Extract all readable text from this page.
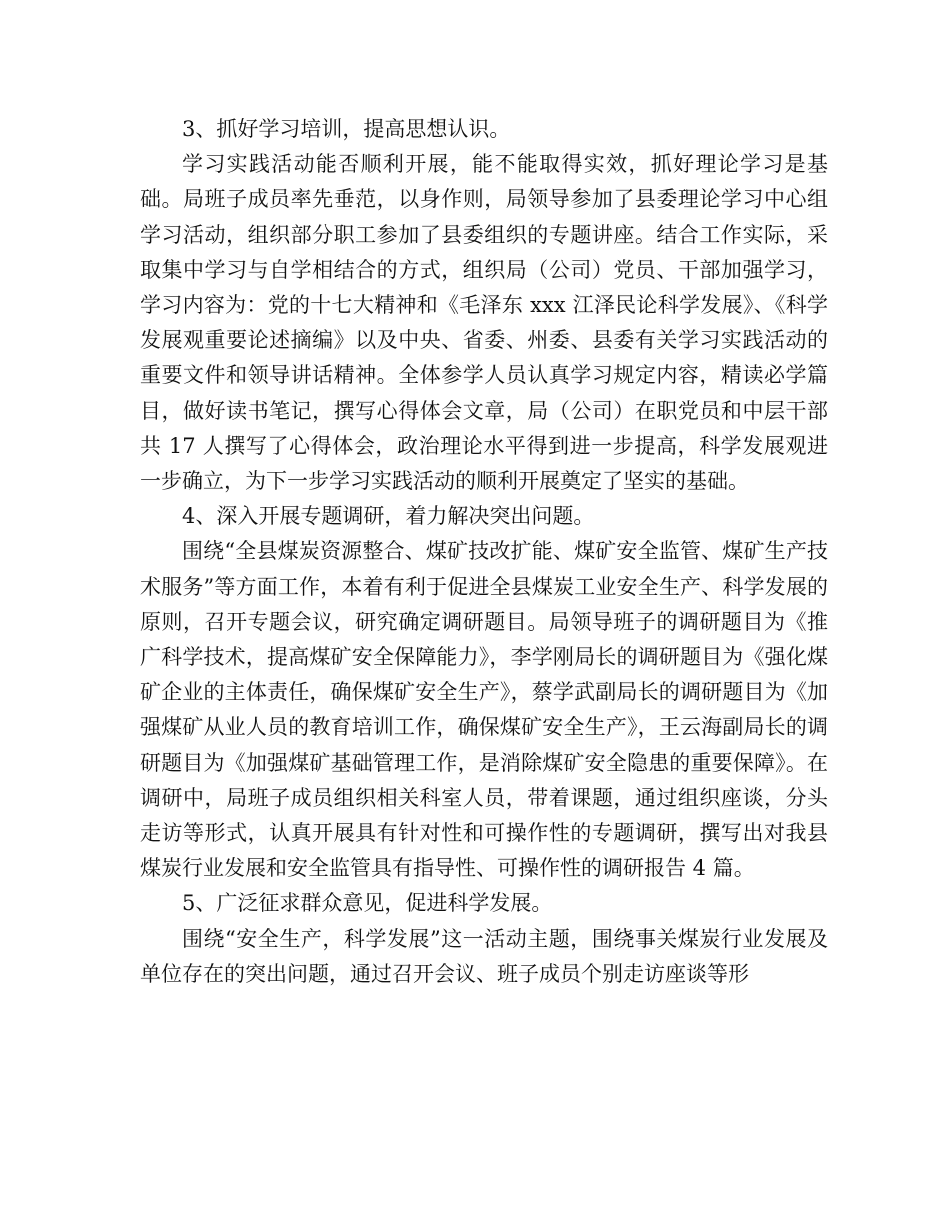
3、抓好学习培训，提高思想认识。

学习实践活动能否顺利开展，能不能取得实效，抓好理论学习是基础。局班子成员率先垂范，以身作则，局领导参加了县委理论学习中心组学习活动，组织部分职工参加了县委组织的专题讲座。结合工作实际，采取集中学习与自学相结合的方式，组织局（公司）党员、干部加强学习，学习内容为：党的十七大精神和《毛泽东 xxx 江泽民论科学发展》、《科学发展观重要论述摘编》以及中央、省委、州委、县委有关学习实践活动的重要文件和领导讲话精神。全体参学人员认真学习规定内容，精读必学篇目，做好读书笔记，撰写心得体会文章，局（公司）在职党员和中层干部共 17 人撰写了心得体会，政治理论水平得到进一步提高，科学发展观进一步确立，为下一步学习实践活动的顺利开展奠定了坚实的基础。

4、深入开展专题调研，着力解决突出问题。

围绕“全县煤炭资源整合、煤矿技改扩能、煤矿安全监管、煤矿生产技术服务”等方面工作，本着有利于促进全县煤炭工业安全生产、科学发展的原则，召开专题会议，研究确定调研题目。局领导班子的调研题目为《推广科学技术，提高煤矿安全保障能力》，李学刚局长的调研题目为《强化煤矿企业的主体责任，确保煤矿安全生产》，蔡学武副局长的调研题目为《加强煤矿从业人员的教育培训工作，确保煤矿安全生产》，王云海副局长的调研题目为《加强煤矿基础管理工作，是消除煤矿安全隐患的重要保障》。在调研中，局班子成员组织相关科室人员，带着课题，通过组织座谈，分头走访等形式，认真开展具有针对性和可操作性的专题调研，撰写出对我县煤炭行业发展和安全监管具有指导性、可操作性的调研报告 4 篇。

5、广泛征求群众意见，促进科学发展。

围绕“安全生产，科学发展”这一活动主题，围绕事关煤炭行业发展及单位存在的突出问题，通过召开会议、班子成员个别走访座谈等形
